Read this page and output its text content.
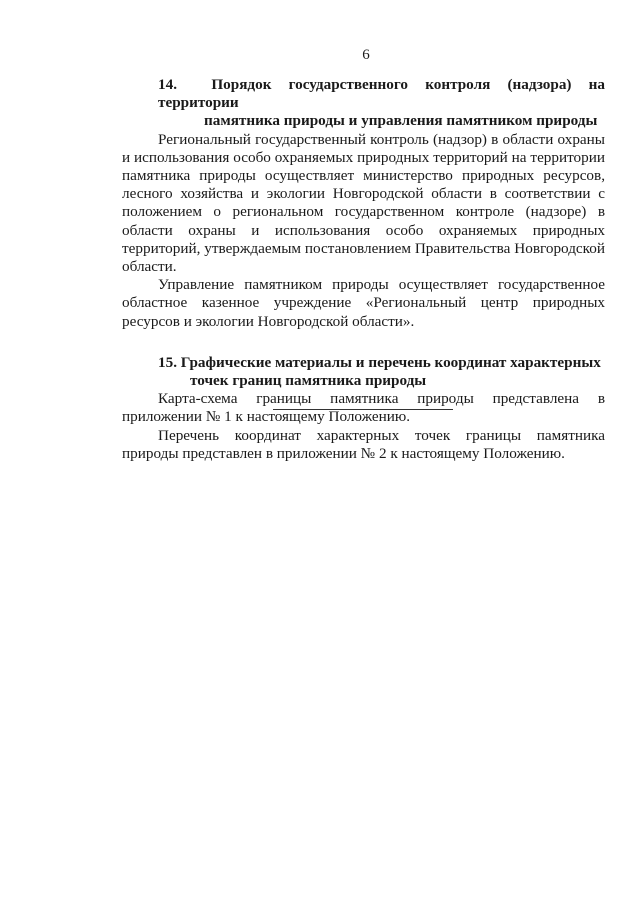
6
14. Порядок государственного контроля (надзора) на территории
памятника природы и управления памятником природы

Региональный государственный контроль (надзор) в области охраны и использования особо охраняемых природных территорий на территории памятника природы осуществляет министерство природных ресурсов, лесного хозяйства и экологии Новгородской области в соответствии с положением о региональном государственном контроле (надзоре) в области охраны и использования особо охраняемых природных территорий, утверждаемым постановлением Правительства Новгородской области.

Управление памятником природы осуществляет государственное областное казенное учреждение «Региональный центр природных ресурсов и экологии Новгородской области».

15. Графические материалы и перечень координат характерных
точек границ памятника природы

Карта-схема границы памятника природы представлена в приложении № 1 к настоящему Положению.

Перечень координат характерных точек границы памятника природы представлен в приложении № 2 к настоящему Положению.
